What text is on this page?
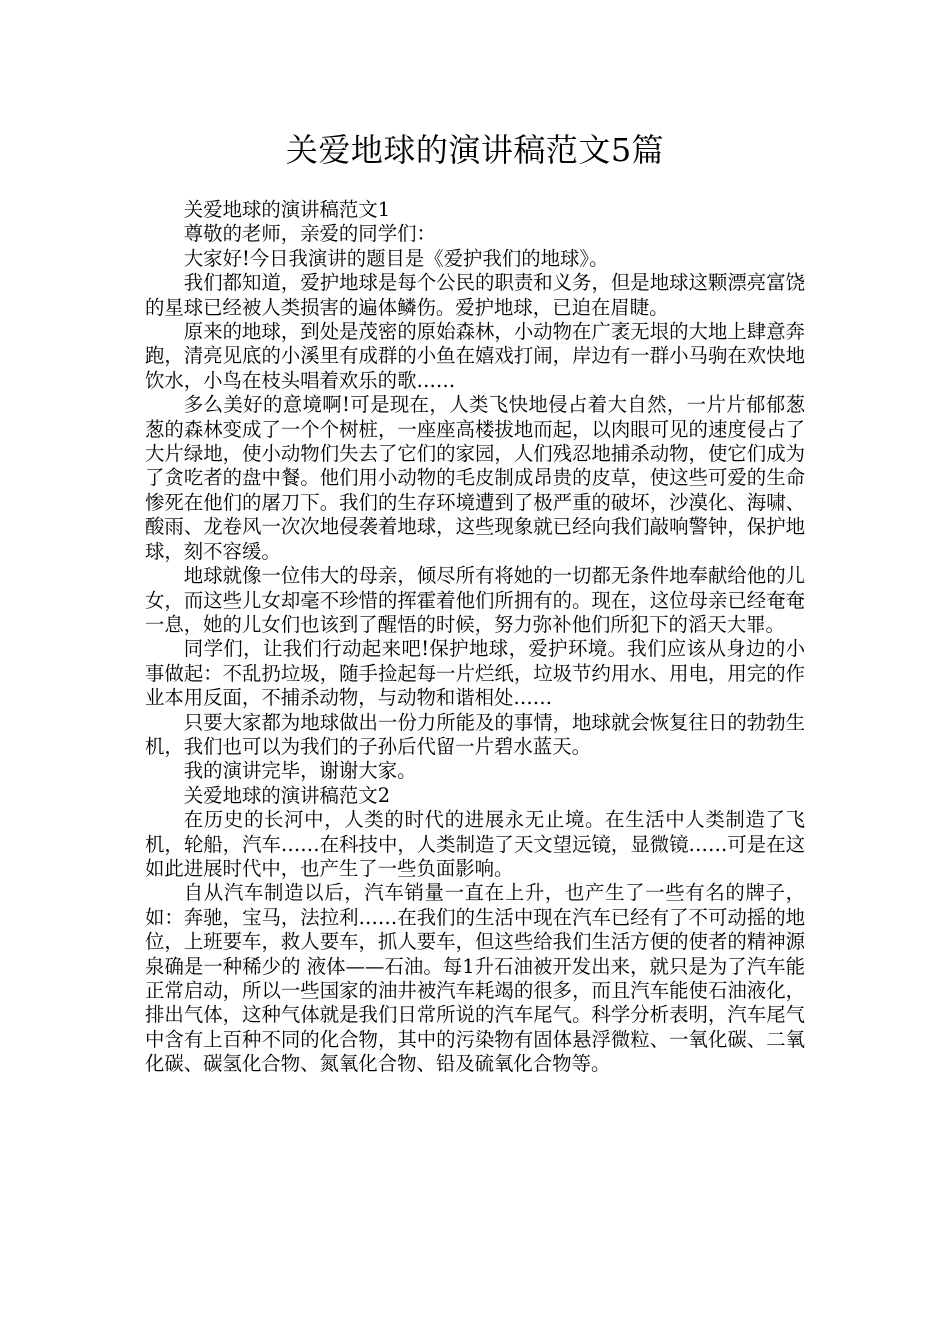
关爱地球的演讲稿范文5篇

关爱地球的演讲稿范文1

尊敬的老师，亲爱的同学们：

大家好!今日我演讲的题目是《爱护我们的地球》。

我们都知道，爱护地球是每个公民的职责和义务，但是地球这颗漂亮富饶的星球已经被人类损害的遍体鳞伤。爱护地球，已迫在眉睫。

原来的地球，到处是茂密的原始森林，小动物在广袤无垠的大地上肆意奔跑，清亮见底的小溪里有成群的小鱼在嬉戏打闹，岸边有一群小马驹在欢快地饮水，小鸟在枝头唱着欢乐的歌……

多么美好的意境啊!可是现在，人类飞快地侵占着大自然，一片片郁郁葱葱的森林变成了一个个树桩，一座座高楼拔地而起，以肉眼可见的速度侵占了大片绿地，使小动物们失去了它们的家园，人们残忍地捕杀动物，使它们成为了贪吃者的盘中餐。他们用小动物的毛皮制成昂贵的皮草，使这些可爱的生命惨死在他们的屠刀下。我们的生存环境遭到了极严重的破坏，沙漠化、海啸、酸雨、龙卷风一次次地侵袭着地球，这些现象就已经向我们敲响警钟，保护地球，刻不容缓。

地球就像一位伟大的母亲，倾尽所有将她的一切都无条件地奉献给他的儿女，而这些儿女却毫不珍惜的挥霍着他们所拥有的。现在，这位母亲已经奄奄一息，她的儿女们也该到了醒悟的时候，努力弥补他们所犯下的滔天大罪。

同学们，让我们行动起来吧!保护地球，爱护环境。我们应该从身边的小事做起：不乱扔垃圾，随手捡起每一片烂纸，垃圾节约用水、用电，用完的作业本用反面，不捕杀动物，与动物和谐相处……

只要大家都为地球做出一份力所能及的事情，地球就会恢复往日的勃勃生机，我们也可以为我们的子孙后代留一片碧水蓝天。

我的演讲完毕，谢谢大家。

关爱地球的演讲稿范文2

在历史的长河中，人类的时代的进展永无止境。在生活中人类制造了飞机，轮船，汽车……在科技中，人类制造了天文望远镜，显微镜……可是在这如此进展时代中，也产生了一些负面影响。

自从汽车制造以后，汽车销量一直在上升，也产生了一些有名的牌子，如：奔驰，宝马，法拉利……在我们的生活中现在汽车已经有了不可动摇的地位，上班要车，救人要车，抓人要车，但这些给我们生活方便的使者的精神源泉确是一种稀少的 液体——石油。每1升石油被开发出来，就只是为了汽车能正常启动，所以一些国家的油井被汽车耗竭的很多，而且汽车能使石油液化，排出气体，这种气体就是我们日常所说的汽车尾气。科学分析表明，汽车尾气中含有上百种不同的化合物，其中的污染物有固体悬浮微粒、一氧化碳、二氧化碳、碳氢化合物、氮氧化合物、铅及硫氧化合物等。
